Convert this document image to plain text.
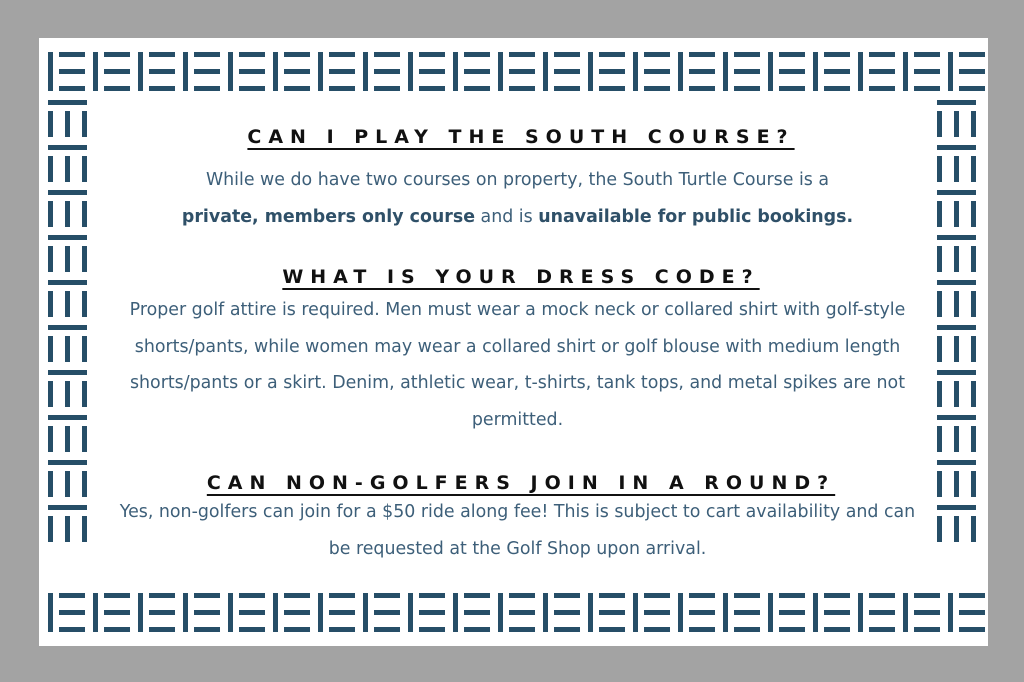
CAN I PLAY THE SOUTH COURSE?

While we do have two courses on property, the South Turtle Course is a
private, members only course and is unavailable for public bookings.

WHAT IS YOUR DRESS CODE?

Proper golf attire is required. Men must wear a mock neck or collared shirt with golf-style shorts/pants, while women may wear a collared shirt or golf blouse with medium length shorts/pants or a skirt. Denim, athletic wear, t-shirts, tank tops, and metal spikes are not permitted.

CAN NON-GOLFERS JOIN IN A ROUND?

Yes, non-golfers can join for a $50 ride along fee! This is subject to cart availability and can be requested at the Golf Shop upon arrival.
